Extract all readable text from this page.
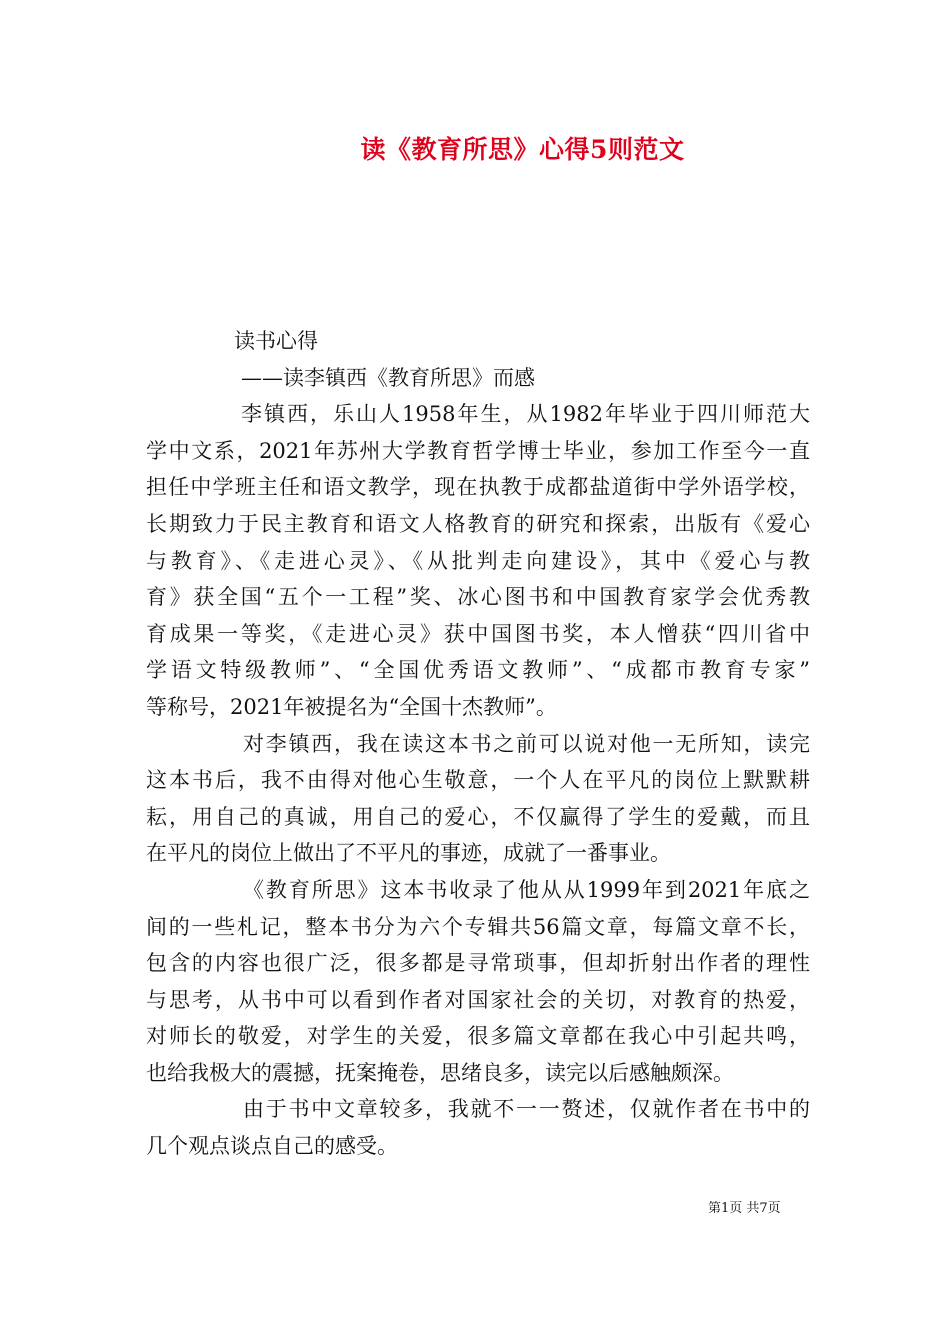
读《教育所思》心得5则范文
读书心得
——读李镇西《教育所思》而感
李镇西，乐山人1958年生，从1982年毕业于四川师范大
学中文系，2021年苏州大学教育哲学博士毕业，参加工作至今一直
担任中学班主任和语文教学，现在执教于成都盐道街中学外语学校，
长期致力于民主教育和语文人格教育的研究和探索，出版有《爱心
与教育》、《走进心灵》、《从批判走向建设》，其中《爱心与教
育》获全国“五个一工程”奖、冰心图书和中国教育家学会优秀教
育成果一等奖，《走进心灵》获中国图书奖，本人憎获“四川省中
学语文特级教师”、“全国优秀语文教师”、“成都市教育专家”
等称号，2021年被提名为“全国十杰教师”。
对李镇西，我在读这本书之前可以说对他一无所知，读完
这本书后，我不由得对他心生敬意，一个人在平凡的岗位上默默耕
耘，用自己的真诚，用自己的爱心，不仅赢得了学生的爱戴，而且
在平凡的岗位上做出了不平凡的事迹，成就了一番事业。
《教育所思》这本书收录了他从从1999年到2021年底之
间的一些札记，整本书分为六个专辑共56篇文章，每篇文章不长，
包含的内容也很广泛，很多都是寻常琐事，但却折射出作者的理性
与思考，从书中可以看到作者对国家社会的关切，对教育的热爱，
对师长的敬爱，对学生的关爱，很多篇文章都在我心中引起共鸣，
也给我极大的震撼，抚案掩卷，思绪良多，读完以后感触颇深。
由于书中文章较多，我就不一一赘述，仅就作者在书中的
几个观点谈点自己的感受。
第1页 共7页
